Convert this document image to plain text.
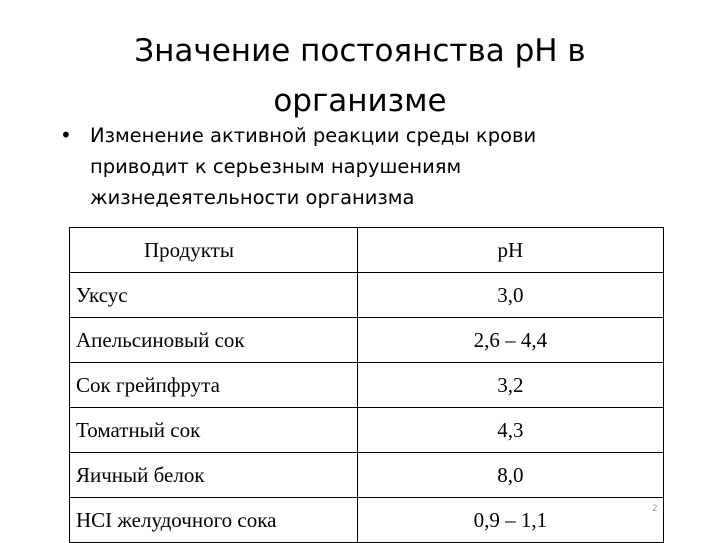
Значение постоянства pH в организме
• Изменение активной реакции среды крови приводит к серьезным нарушениям жизнедеятельности организма
Продукты	pH
Уксус	3,0
Апельсиновый сок	2,6 – 4,4
Сок грейпфрута	3,2
Томатный сок	4,3
Яичный белок	8,0
HCI желудочного сока	0,9 – 1,1	2
